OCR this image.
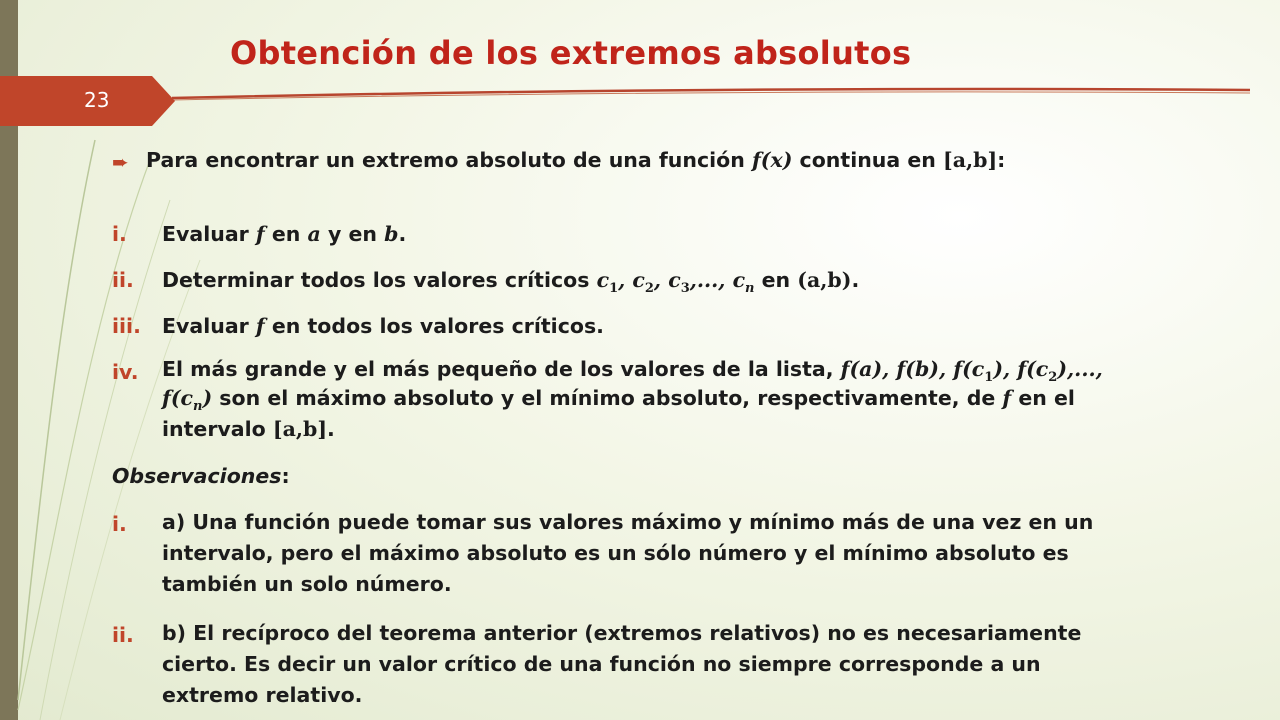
Obtención de los extremos absolutos
23
➨ Para encontrar un extremo absoluto de una función f(x) continua en [a,b]:
i. Evaluar f en a y en b.
ii. Determinar todos los valores críticos $c_1$, $c_2$, $c_3$,..., $c_n$ en (a,b).
iii. Evaluar f en todos los valores críticos.
iv. El más grande y el más pequeño de los valores de la lista, f(a), f(b), $f(c_1)$, $f(c_2)$,...,
$f(c_n)$ son el máximo absoluto y el mínimo absoluto, respectivamente, de f en el
intervalo [a,b].
Observaciones:
i. a) Una función puede tomar sus valores máximo y mínimo más de una vez en un
intervalo, pero el máximo absoluto es un sólo número y el mínimo absoluto es
también un solo número.
ii. b) El recíproco del teorema anterior (extremos relativos) no es necesariamente
cierto. Es decir un valor crítico de una función no siempre corresponde a un
extremo relativo.
